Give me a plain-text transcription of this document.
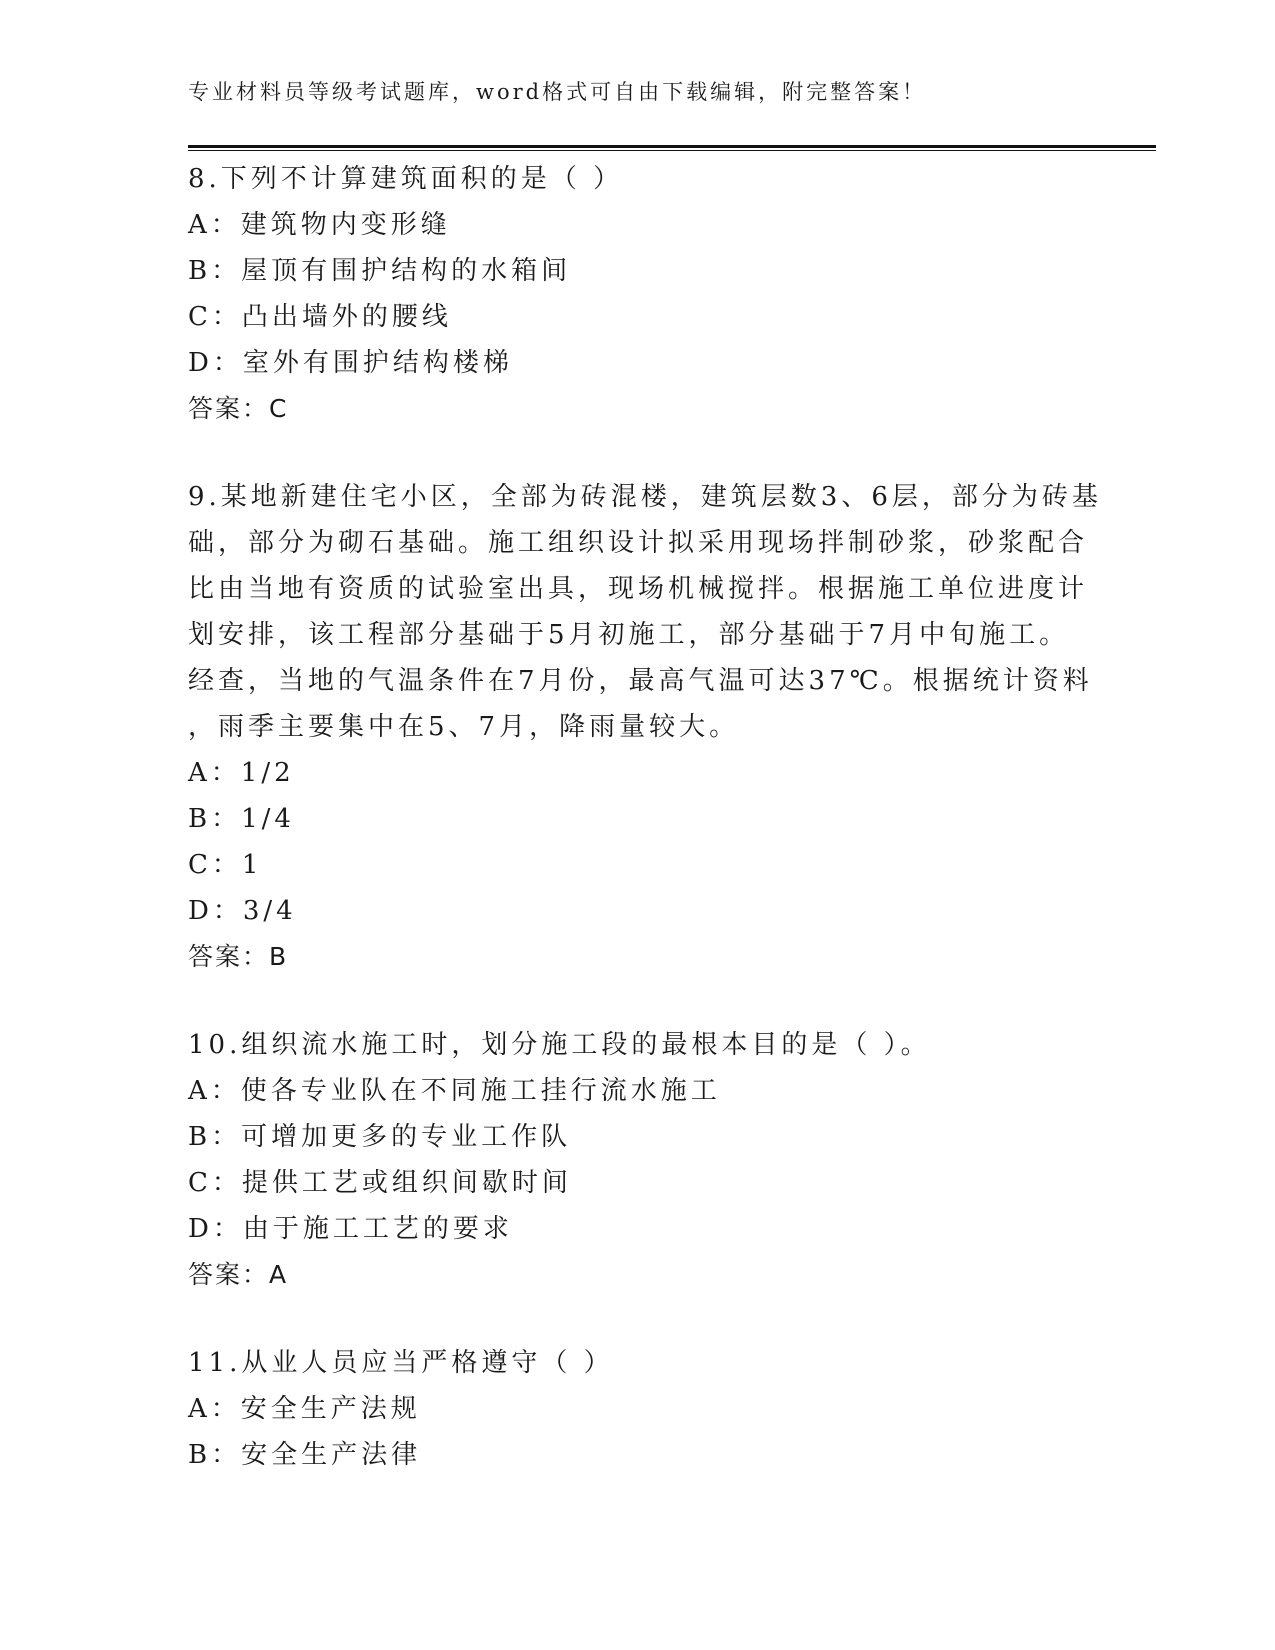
专业材料员等级考试题库，word格式可自由下载编辑，附完整答案！
8.下列不计算建筑面积的是（ ）
A：建筑物内变形缝
B：屋顶有围护结构的水箱间
C：凸出墙外的腰线
D：室外有围护结构楼梯
答案：C
9.某地新建住宅小区，全部为砖混楼，建筑层数3、6层，部分为砖基
础，部分为砌石基础。施工组织设计拟采用现场拌制砂浆，砂浆配合
比由当地有资质的试验室出具，现场机械搅拌。根据施工单位进度计
划安排，该工程部分基础于5月初施工，部分基础于7月中旬施工。
经查，当地的气温条件在7月份，最高气温可达37℃。根据统计资料
，雨季主要集中在5、7月，降雨量较大。
A：1/2
B：1/4
C：1
D：3/4
答案：B
10.组织流水施工时，划分施工段的最根本目的是（ ）。
A：使各专业队在不同施工挂行流水施工
B：可增加更多的专业工作队
C：提供工艺或组织间歇时间
D：由于施工工艺的要求
答案：A
11.从业人员应当严格遵守（ ）
A：安全生产法规
B：安全生产法律
